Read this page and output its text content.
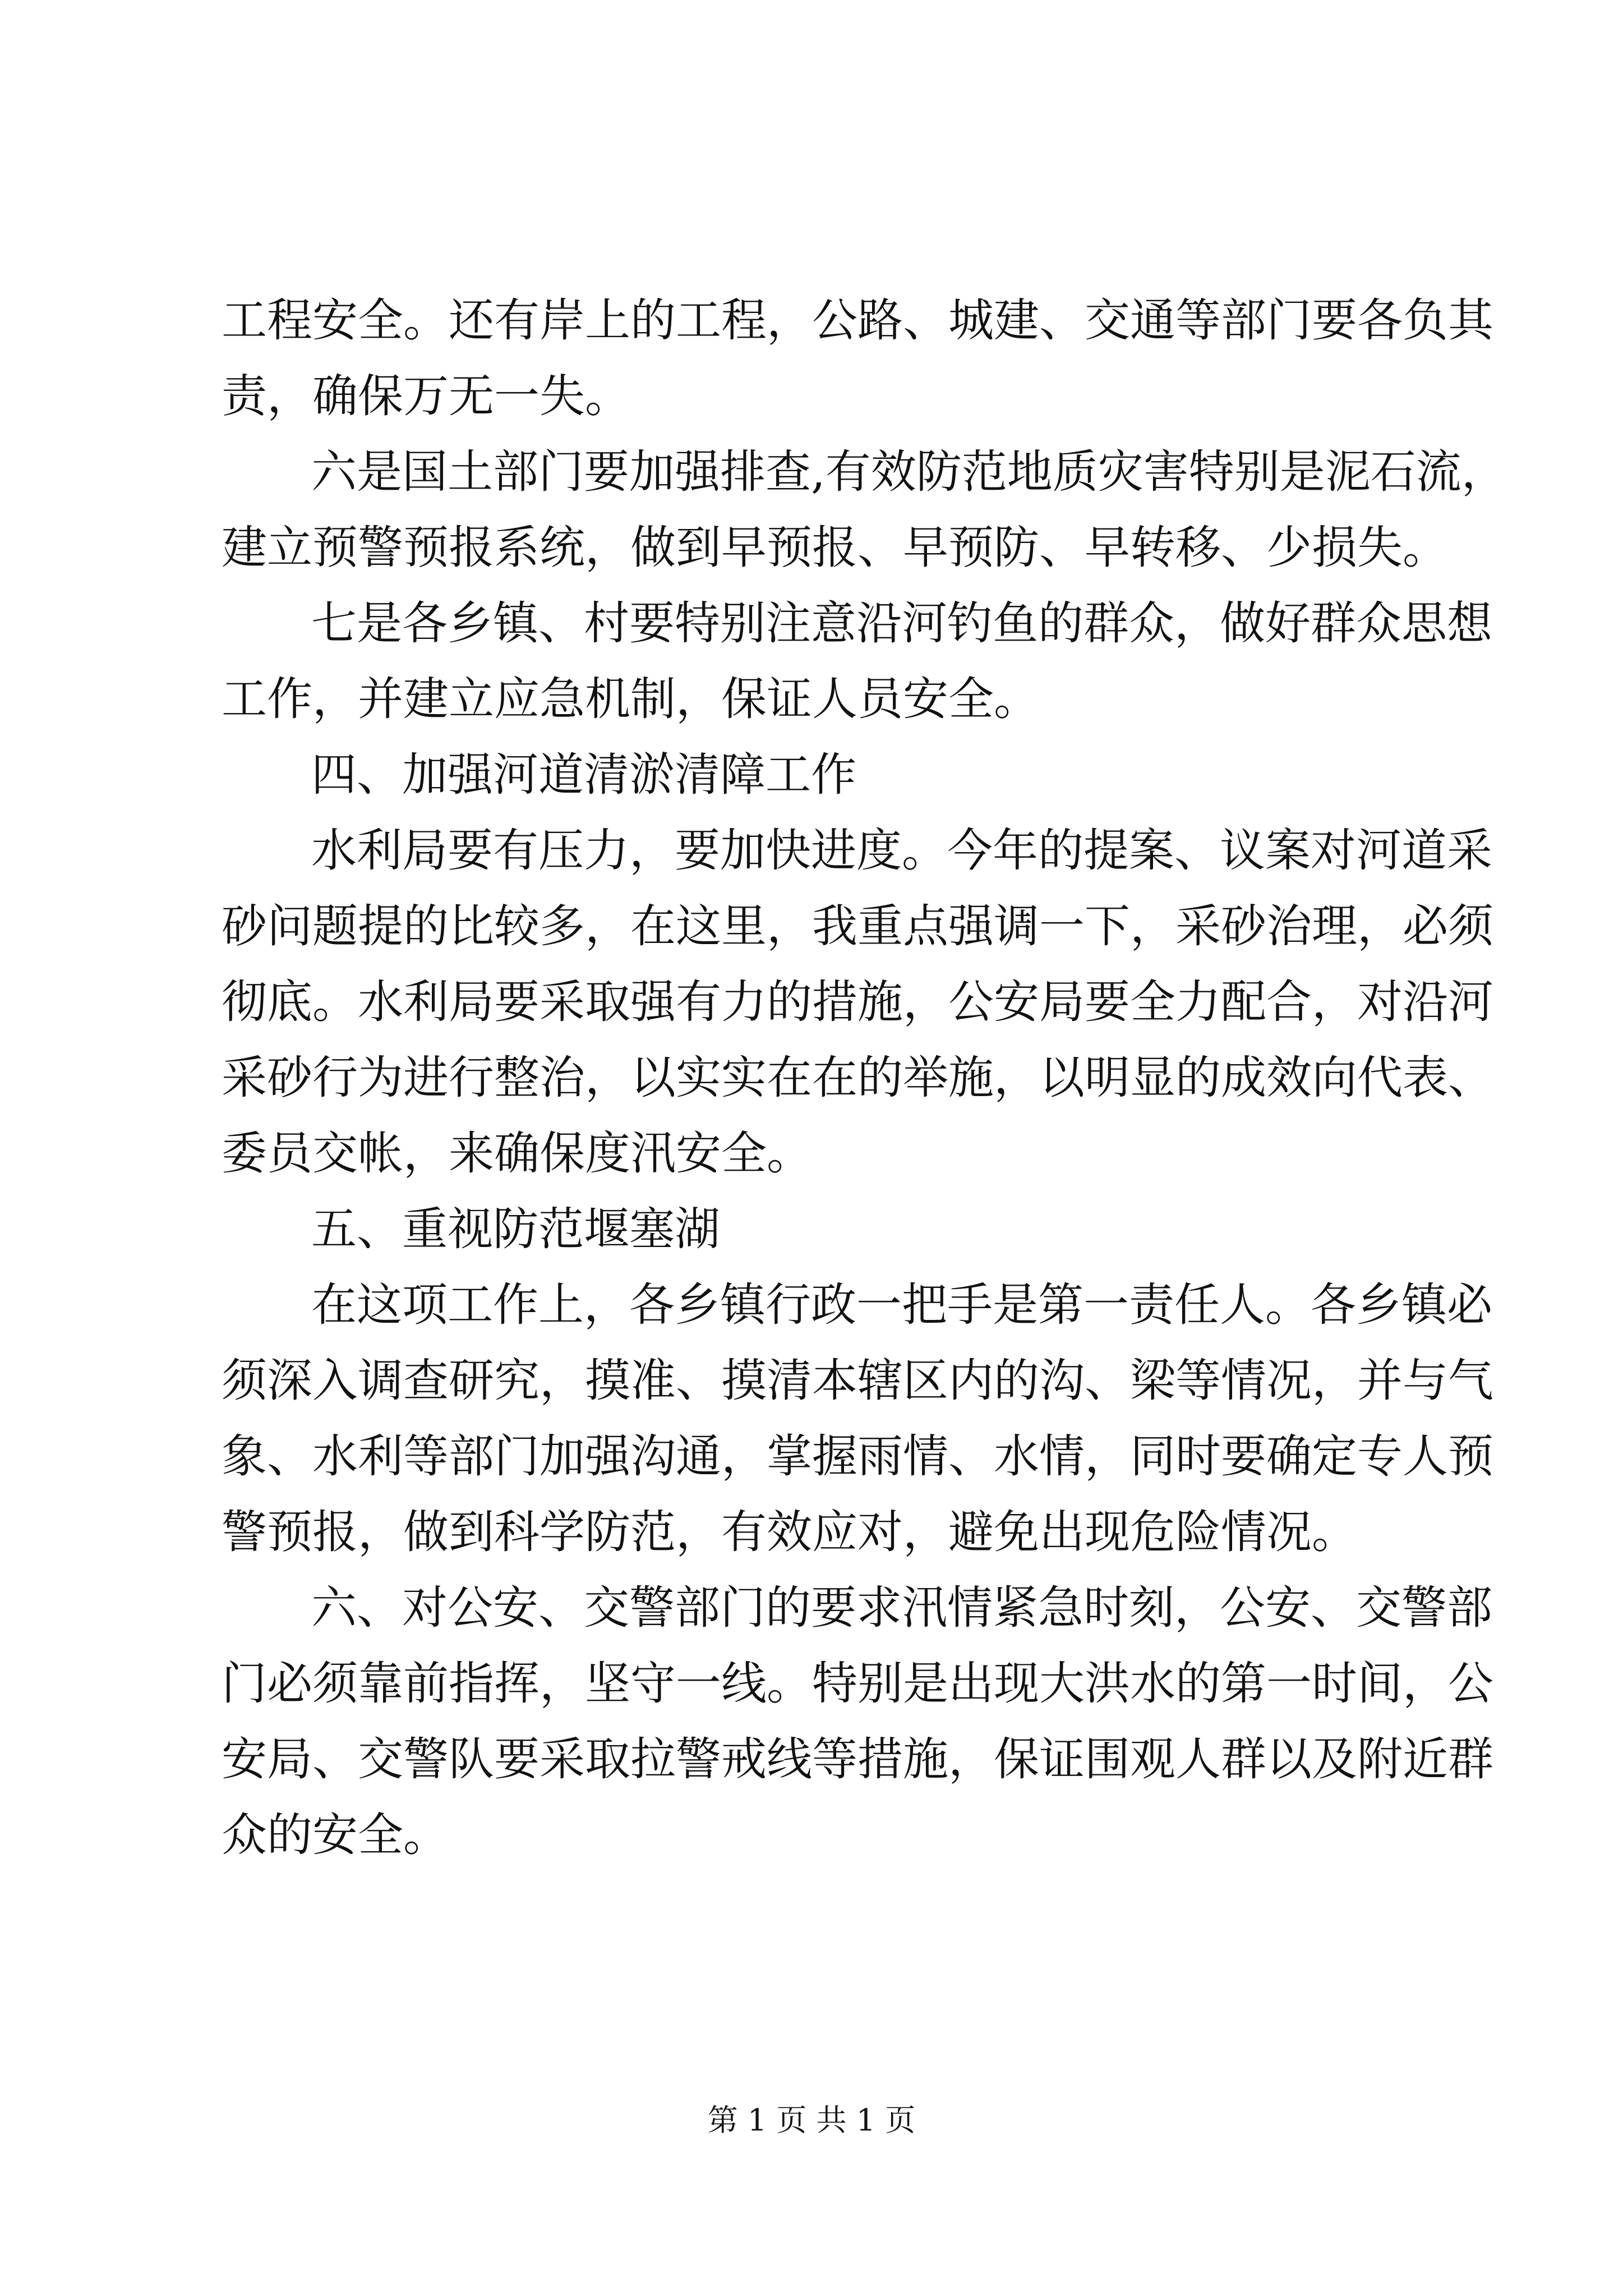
工程安全。还有岸上的工程，公路、城建、交通等部门要各负其
责，确保万无一失。
六是国土部门要加强排查,有效防范地质灾害特别是泥石流，
建立预警预报系统，做到早预报、早预防、早转移、少损失。
七是各乡镇、村要特别注意沿河钓鱼的群众，做好群众思想
工作，并建立应急机制，保证人员安全。
四、加强河道清淤清障工作
水利局要有压力，要加快进度。今年的提案、议案对河道采
砂问题提的比较多，在这里，我重点强调一下，采砂治理，必须
彻底。水利局要采取强有力的措施，公安局要全力配合，对沿河
采砂行为进行整治，以实实在在的举施，以明显的成效向代表、
委员交帐，来确保度汛安全。
五、重视防范堰塞湖
在这项工作上，各乡镇行政一把手是第一责任人。各乡镇必
须深入调查研究，摸准、摸清本辖区内的沟、梁等情况，并与气
象、水利等部门加强沟通，掌握雨情、水情，同时要确定专人预
警预报，做到科学防范，有效应对，避免出现危险情况。
六、对公安、交警部门的要求汛情紧急时刻，公安、交警部
门必须靠前指挥，坚守一线。特别是出现大洪水的第一时间，公
安局、交警队要采取拉警戒线等措施，保证围观人群以及附近群
众的安全。
第 1 页 共 1 页
